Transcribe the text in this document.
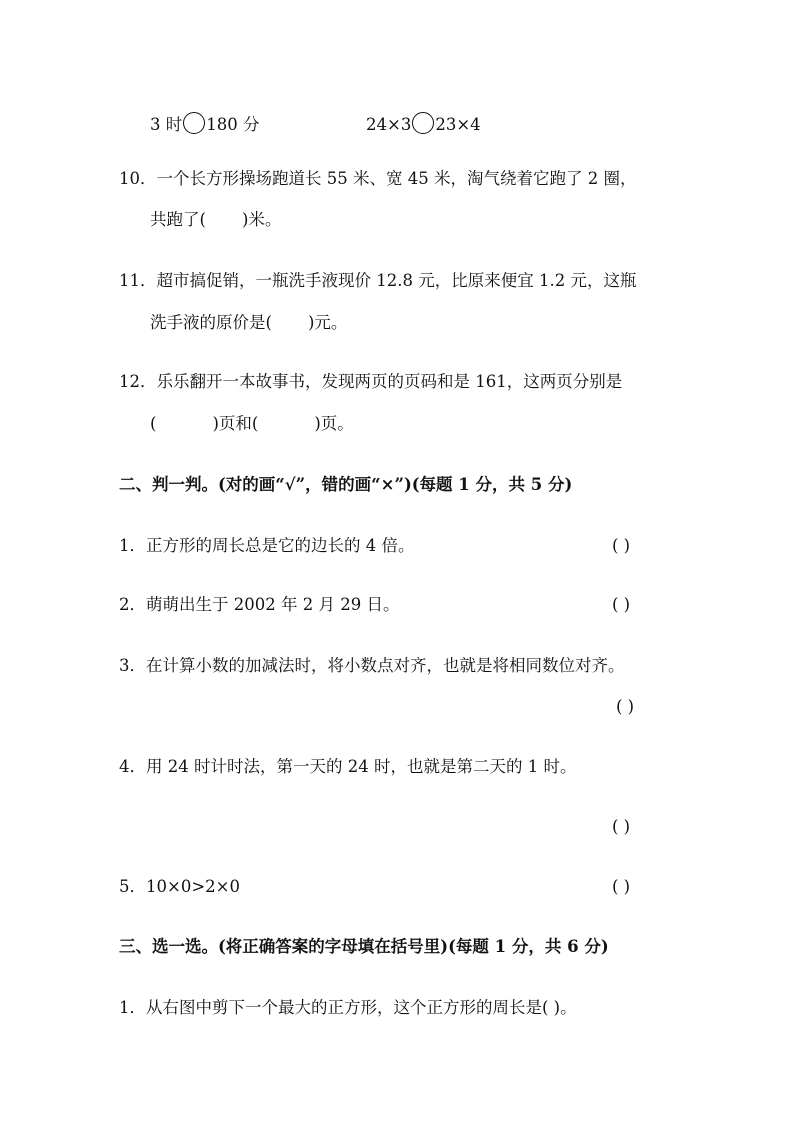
3 时 180 分	24×3 23×4
10．一个长方形操场跑道长 55 米、宽 45 米，淘气绕着它跑了 2 圈，
共跑了( )米。
11．超市搞促销，一瓶洗手液现价 12.8 元，比原来便宜 1.2 元，这瓶
洗手液的原价是( )元。
12．乐乐翻开一本故事书，发现两页的页码和是 161，这两页分别是
(	)页和(	)页。
二、判一判。(对的画“√”，错的画“×”)(每题 1 分，共 5 分)
1．正方形的周长总是它的边长的 4 倍。	( )
2．萌萌出生于 2002 年 2 月 29 日。	( )
3．在计算小数的加减法时，将小数点对齐，也就是将相同数位对齐。
( )
4．用 24 时计时法，第一天的 24 时，也就是第二天的 1 时。
( )
5．10×0>2×0	( )
三、选一选。(将正确答案的字母填在括号里)(每题 1 分，共 6 分)
1．从右图中剪下一个最大的正方形，这个正方形的周长是( )。
